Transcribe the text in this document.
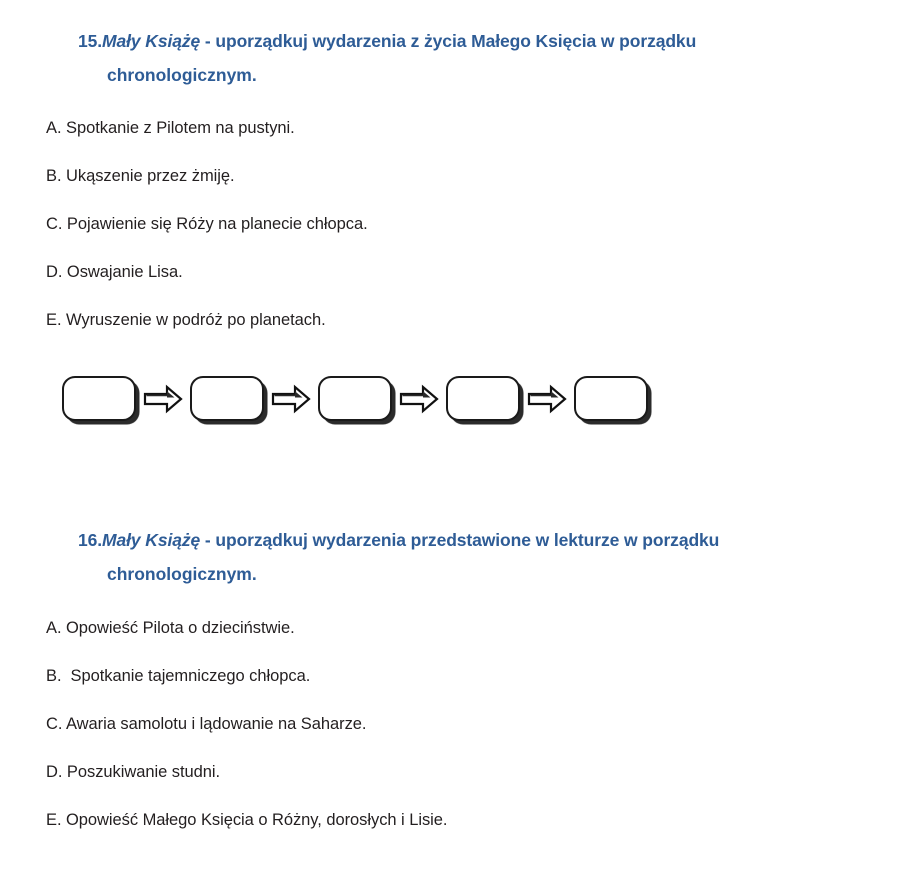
15.Mały Książę - uporządkuj wydarzenia z życia Małego Księcia w porządku
chronologicznym.
A. Spotkanie z Pilotem na pustyni.
B. Ukąszenie przez żmiję.
C. Pojawienie się Róży na planecie chłopca.
D. Oswajanie Lisa.
E. Wyruszenie w podróż po planetach.
16.Mały Książę - uporządkuj wydarzenia przedstawione w lekturze w porządku
chronologicznym.
A. Opowieść Pilota o dzieciństwie.
B.  Spotkanie tajemniczego chłopca.
C. Awaria samolotu i lądowanie na Saharze.
D. Poszukiwanie studni.
E. Opowieść Małego Księcia o Różny, dorosłych i Lisie.
